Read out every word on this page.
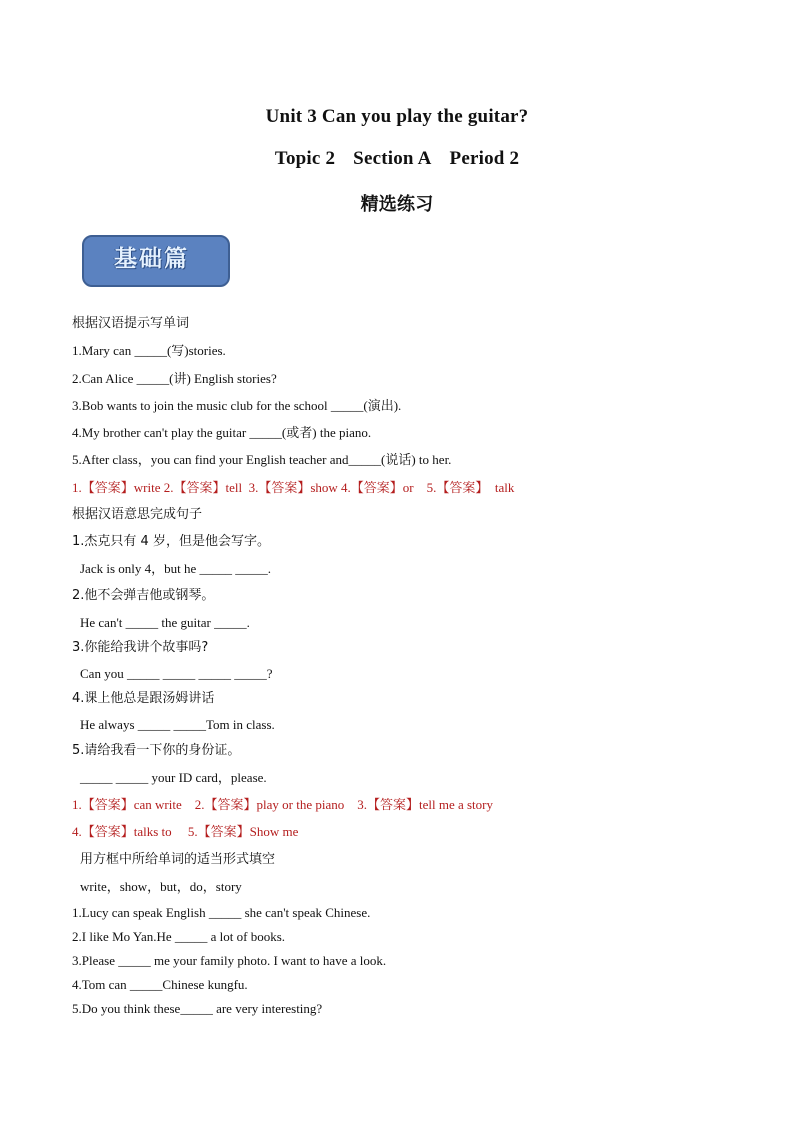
Unit 3 Can you play the guitar?
Topic 2 Section A Period 2
精选练习
基础篇
根据汉语提示写单词
1.Mary can _____(写)stories.
2.Can Alice _____(讲) English stories?
3.Bob wants to join the music club for the school _____(演出).
4.My brother can't play the guitar _____(或者) the piano.
5.After class，you can find your English teacher and_____(说话) to her.
1.【答案】write 2.【答案】tell  3.【答案】show 4.【答案】or    5.【答案】  talk
根据汉语意思完成句子
1.杰克只有 4 岁，但是他会写字。
Jack is only 4，but he _____ _____.
2.他不会弹吉他或钢琴。
He can't _____ the guitar _____.
3.你能给我讲个故事吗?
Can you _____ _____ _____ _____?
4.课上他总是跟汤姆讲话
He always _____ _____Tom in class.
5.请给我看一下你的身份证。
_____ _____ your ID card，please.
1.【答案】can write    2.【答案】play or the piano    3.【答案】tell me a story
4.【答案】talks to     5.【答案】Show me
用方框中所给单词的适当形式填空
write，show，but，do，story
1.Lucy can speak English _____ she can't speak Chinese.
2.I like Mo Yan.He _____ a lot of books.
3.Please _____ me your family photo. I want to have a look.
4.Tom can _____Chinese kungfu.
5.Do you think these_____ are very interesting?
